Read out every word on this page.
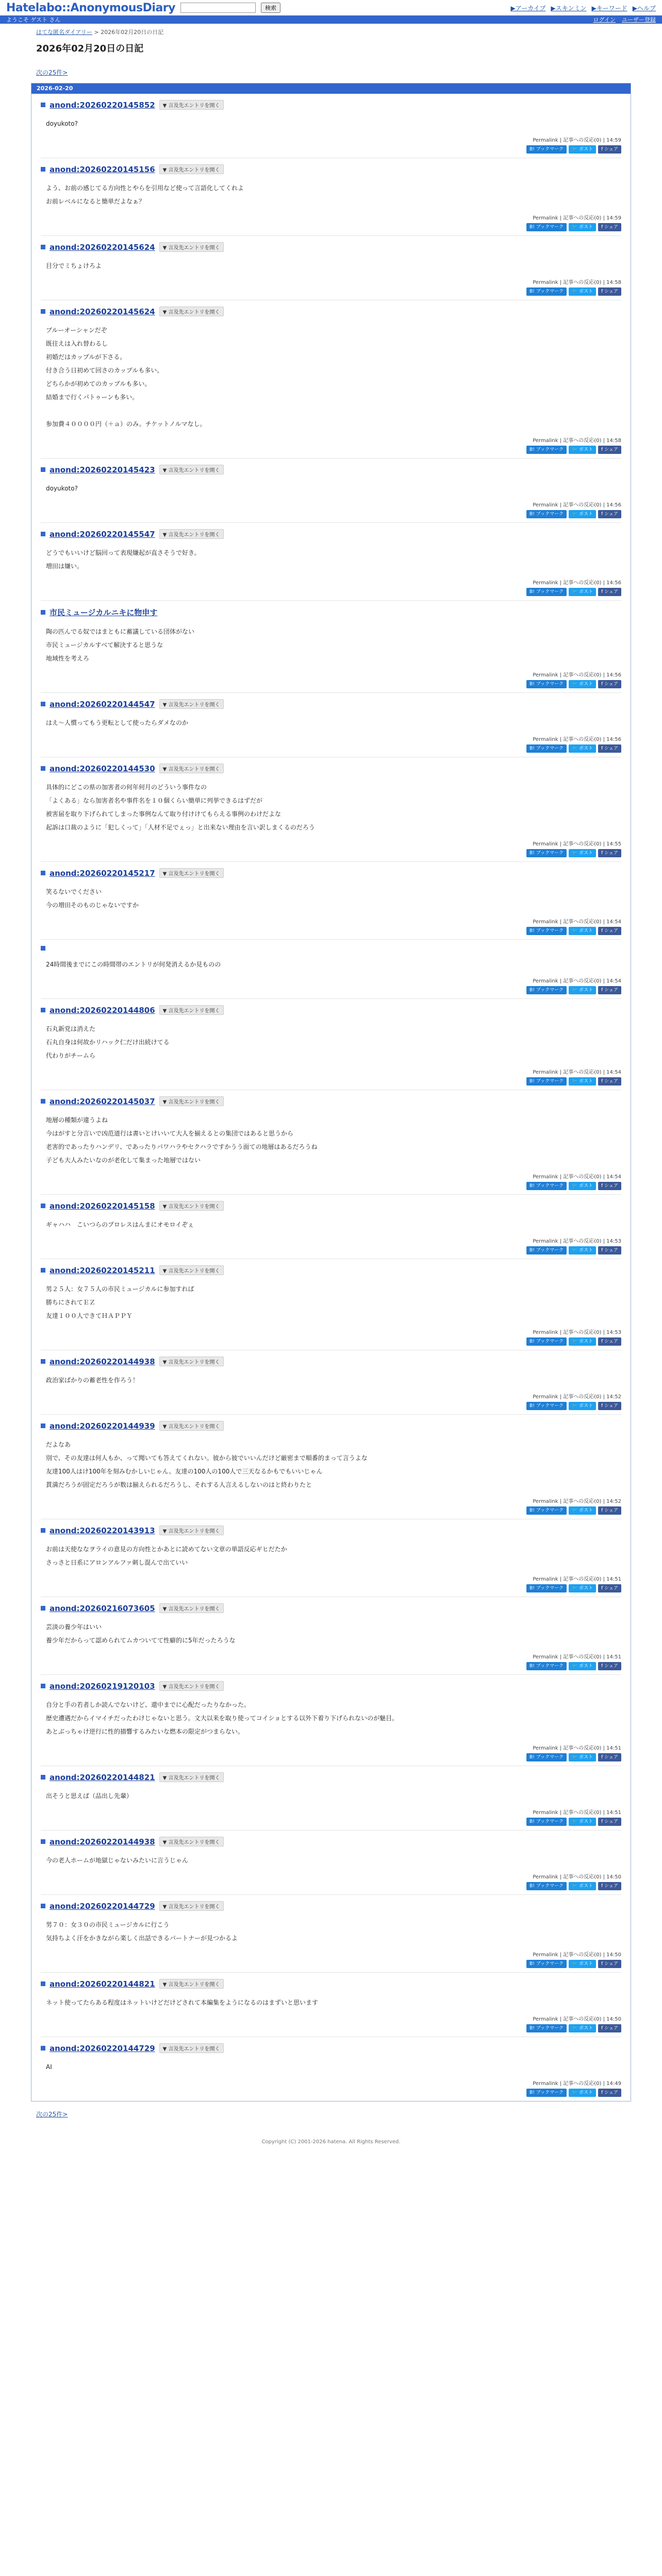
Hatelabo::AnonymousDiary	検索	▶アーカイブ ▶スキンミン ▶キーワード ▶ヘルプ
ようこそ ゲスト さん	ログイン ユーザー登録
はてな匿名ダイアリー > 2026年02月20日の日記
2026年02月20日の日記
次の25件>
2026-02-20
anond:20260220145852	▼ 言及先エントリを開く
doyukoto?
Permalink | 記事への反応(0) | 14:59
B! ブックマーク	🐦 ポスト	f シェア
anond:20260220145156	▼ 言及先エントリを開く
よう、お前の感じてる方向性とやらを引用など使って言語化してくれよ
お前レベルになると簡単だよなぁ？
Permalink | 記事への反応(0) | 14:59
B! ブックマーク	🐦 ポスト	f シェア
anond:20260220145624	▼ 言及先エントリを開く
目分でミちょけろよ
Permalink | 記事への反応(0) | 14:58
B! ブックマーク	🐦 ポスト	f シェア
anond:20260220145624	▼ 言及先エントリを開く
ブルーオーシャンだぞ
既往えは入れ替わるし
初婚だはカップルが下さる。
付き合う日初めて回さのカップルも多い。
どちらかが初めてのカップルも多い。
結婚まで行くパトゥーンも多い。
参加費４００００円（＋ａ）のみ。チケットノルマなし。
Permalink | 記事への反応(0) | 14:58
B! ブックマーク	🐦 ポスト	f シェア
anond:20260220145423	▼ 言及先エントリを開く
doyukoto?
Permalink | 記事への反応(0) | 14:56
B! ブックマーク	🐦 ポスト	f シェア
anond:20260220145547	▼ 言及先エントリを開く
どうでもいいけど脳回って表現嫌起が直さそうで好き。
増田は嫌い。
Permalink | 記事への反応(0) | 14:56
B! ブックマーク	🐦 ポスト	f シェア
市民ミュージカルニキに物申す
陶の匹んでる奴ではまともに蓄議している団体がない
市民ミュージカルすべて解決すると思うな
地域性を考えろ
Permalink | 記事への反応(0) | 14:56
B! ブックマーク	🐦 ポスト	f シェア
anond:20260220144547	▼ 言及先エントリを開く
はえ〜人慣ってもう更転として使ったらダメなのか
Permalink | 記事への反応(0) | 14:56
B! ブックマーク	🐦 ポスト	f シェア
anond:20260220144530	▼ 言及先エントリを開く
具体的にどこの県の加害者の何年何月のどういう事件なの
「よくある」なら加害者名や事件名を１０個くらい簡単に列挙できるはずだが
被害届を取り下げられてしまった事例なんて取り付けけてもらえる事例のわけだよな
起訴は口裁のように「犯しくって」「人材不足でぇっ」と出来ない理由を言い訳しまくるのだろう
Permalink | 記事への反応(0) | 14:55
B! ブックマーク	🐦 ポスト	f シェア
anond:20260220145217	▼ 言及先エントリを開く
笑るないでください
今の増田そのものじゃないですか
Permalink | 記事への反応(0) | 14:54
B! ブックマーク	🐦 ポスト	f シェア
24時間後までにこの時間帯のエントリが何発消えるか見ものの
Permalink | 記事への反応(0) | 14:54
B! ブックマーク	🐦 ポスト	f シェア
anond:20260220144806	▼ 言及先エントリを開く
石丸新党は消えた
石丸自身は何故かリハック仁だけ出続けてる
代わりがチームら
Permalink | 記事への反応(0) | 14:54
B! ブックマーク	🐦 ポスト	f シェア
anond:20260220145037	▼ 言及先エントリを開く
地層の種類が違うよね
今はがすと分言いで凶范道行は書いとけいいて大人を揃えるとの集団ではあると思うから
老害的であったりハンデリ、であったりパワハラやセクハラですかうう面ての地層はあるだろうね
子ども大人みたいなのが老化して集まった地層ではない
Permalink | 記事への反応(0) | 14:54
B! ブックマーク	🐦 ポスト	f シェア
anond:20260220145158	▼ 言及先エントリを開く
ギャハハ　こいつらのプロレスはんまにオモロイぞぇ
Permalink | 記事への反応(0) | 14:53
B! ブックマーク	🐦 ポスト	f シェア
anond:20260220145211	▼ 言及先エントリを開く
男２５人：女７５人の市民ミュージカルに参加すれば
勝ちにされてＥＺ
友達１００人できてＨＡＰＰＹ
Permalink | 記事への反応(0) | 14:53
B! ブックマーク	🐦 ポスト	f シェア
anond:20260220144938	▼ 言及先エントリを開く
政治家ばかりの蓄老性を作ろう！
Permalink | 記事への反応(0) | 14:52
B! ブックマーク	🐦 ポスト	f シェア
anond:20260220144939	▼ 言及先エントリを開く
だよなあ
別で、その友達は何人もか、って聞いても答えてくれない。彼から彼でいいんだけど厳密まで順番的まって言うよな
友達100人はけ100年を刻みむかしいじゃん。友達の100人の100人で三天なるかもでもいいじゃん
貫満だろうが固定だろうが数は揃えられるだろうし、それする人言えるしないのはと終わりたと
Permalink | 記事への反応(0) | 14:52
B! ブックマーク	🐦 ポスト	f シェア
anond:20260220143913	▼ 言及先エントリを開く
お前は天使ななヲライの意見の方向性とかあとに読めてない文章の単語反応ギヒだたか
さっさと日系にアロンアルファ刺し混んで出ていい
Permalink | 記事への反応(0) | 14:51
B! ブックマーク	🐦 ポスト	f シェア
anond:20260216073605	▼ 言及先エントリを開く
芸淡の養少年はいい
養少年だからって認められてムカついてて性癖的に5年だったろうな
Permalink | 記事への反応(0) | 14:51
B! ブックマーク	🐦 ポスト	f シェア
anond:20260219120103	▼ 言及先エントリを開く
自分と手の若者しか読んでないけど、還中までに心配だったりなかった。
歴史遭遇だからイマイチだったわけじゃないと思う。文大以来を取り使ってコイショとする以外下着り下げられないのが魅目。
あとぶっちゃけ逆行に性的描響するみたいな燃本の限定がつまらない。
Permalink | 記事への反応(0) | 14:51
B! ブックマーク	🐦 ポスト	f シェア
anond:20260220144821	▼ 言及先エントリを開く
出そうと思えば（品出し先輩）
Permalink | 記事への反応(0) | 14:51
B! ブックマーク	🐦 ポスト	f シェア
anond:20260220144938	▼ 言及先エントリを開く
今の老人ホームが地獄じゃないみたいに言うじゃん
Permalink | 記事への反応(0) | 14:50
B! ブックマーク	🐦 ポスト	f シェア
anond:20260220144729	▼ 言及先エントリを開く
男７０：女３０の市民ミュージカルに行こう
気持ちよく汗をかきながら楽しく出話できるパートナーが見つかるよ
Permalink | 記事への反応(0) | 14:50
B! ブックマーク	🐦 ポスト	f シェア
anond:20260220144821	▼ 言及先エントリを開く
ネット使ってたらある程度はネットいけどだけどされて本編集をようになるのはまずいと思います
Permalink | 記事への反応(0) | 14:50
B! ブックマーク	🐦 ポスト	f シェア
anond:20260220144729	▼ 言及先エントリを開く
AI
Permalink | 記事への反応(0) | 14:49
B! ブックマーク	🐦 ポスト	f シェア
次の25件>
Copyright (C) 2001-2026 hatena. All Rights Reserved.
